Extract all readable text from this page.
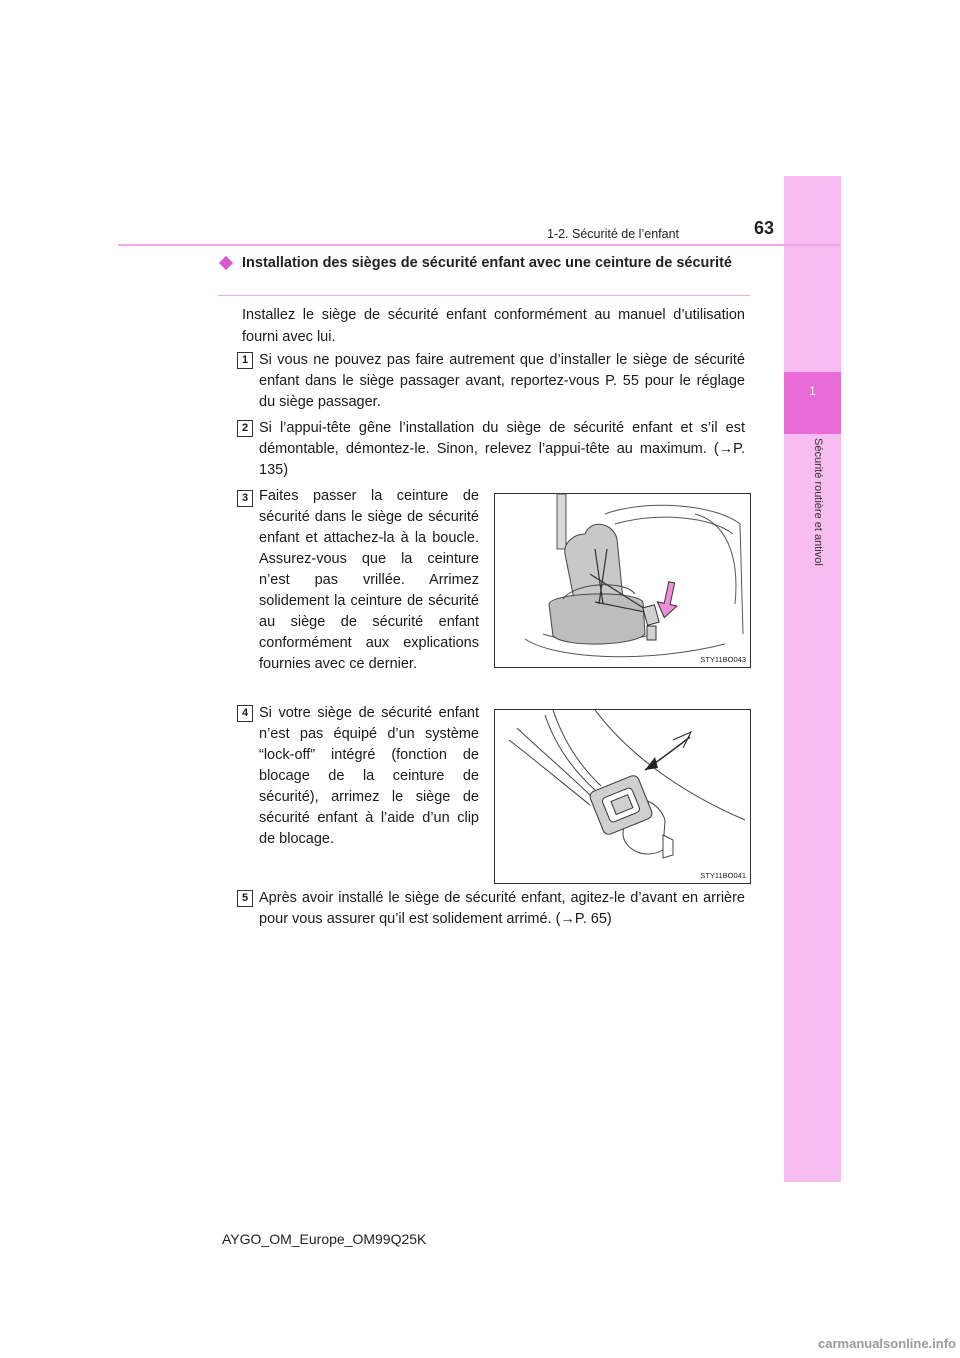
1
Sécurité routière et antivol
1-2. Sécurité de l’enfant	63
Installation des sièges de sécurité enfant avec une ceinture de sécurité
Installez le siège de sécurité enfant conformément au manuel d’utilisation fourni avec lui.
1 Si vous ne pouvez pas faire autrement que d’installer le siège de sécurité enfant dans le siège passager avant, reportez-vous P. 55 pour le réglage du siège passager.
2 Si l’appui-tête gêne l’installation du siège de sécurité enfant et s’il est démontable, démontez-le. Sinon, relevez l’appui-tête au maximum. (→P. 135)
3 Faites passer la ceinture de sécurité dans le siège de sécurité enfant et attachez-la à la boucle. Assurez-vous que la ceinture n’est pas vrillée. Arrimez solidement la ceinture de sécurité au siège de sécurité enfant conformément aux explications fournies avec ce dernier.	STY11BO043
4 Si votre siège de sécurité enfant n’est pas équipé d’un système “lock-off” intégré (fonction de blocage de la ceinture de sécurité), arrimez le siège de sécurité enfant à l’aide d’un clip de blocage.
STY11BO041
5 Après avoir installé le siège de sécurité enfant, agitez-le d’avant en arrière pour vous assurer qu’il est solidement arrimé. (→P. 65)
AYGO_OM_Europe_OM99Q25K
carmanualsonline.info
